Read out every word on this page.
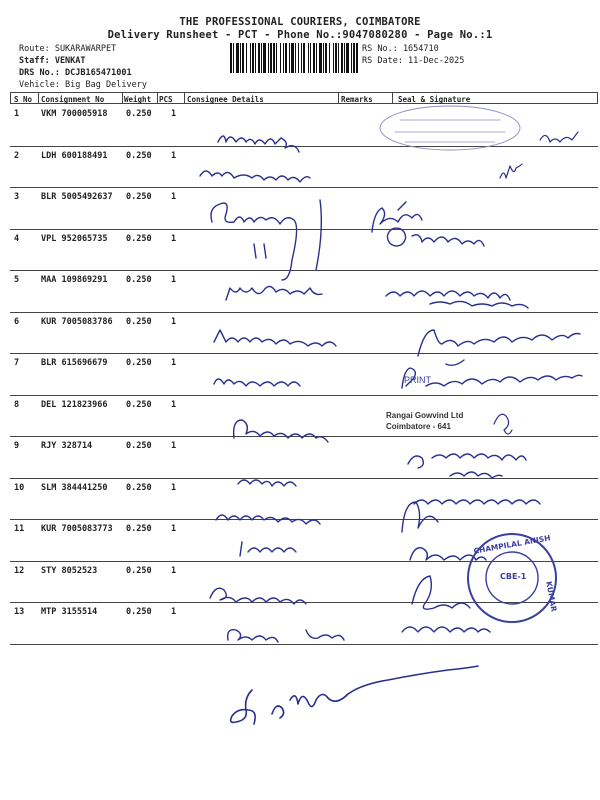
THE PROFESSIONAL COURIERS, COIMBATORE
Delivery Runsheet - PCT - Phone No.:9047080280 - Page No.:1
Route: SUKARAWARPET
Staff: VENKAT
DRS No.: DCJB165471001
Vehicle: Big Bag Delivery
RS No.: 1654710
RS Date: 11-Dec-2025
S No Consignment No	Weight PCS Consignee Details	Remarks	Seal & Signature
1	VKM 700005918 0.250 1
2	LDH 600188491 0.250 1
3	BLR 5005492637 0.250 1
4	VPL 952065735 0.250 1
5	MAA 109869291 0.250 1
6	KUR 7005083786 0.250 1
7	BLR 615696679 0.250 1
8	DEL 121823966 0.250 1
9	RJY 328714	0.250 1
10 SLM 384441250 0.250 1
11 KUR 7005083773 0.250 1
12 STY 8052523	0.250 1
13 MTP 3155514	0.250 1
Rangai Gowvind Ltd
Coimbatore - 641
PRINT
CHAMPILAL ANISH
KUMAR
CBE-1
